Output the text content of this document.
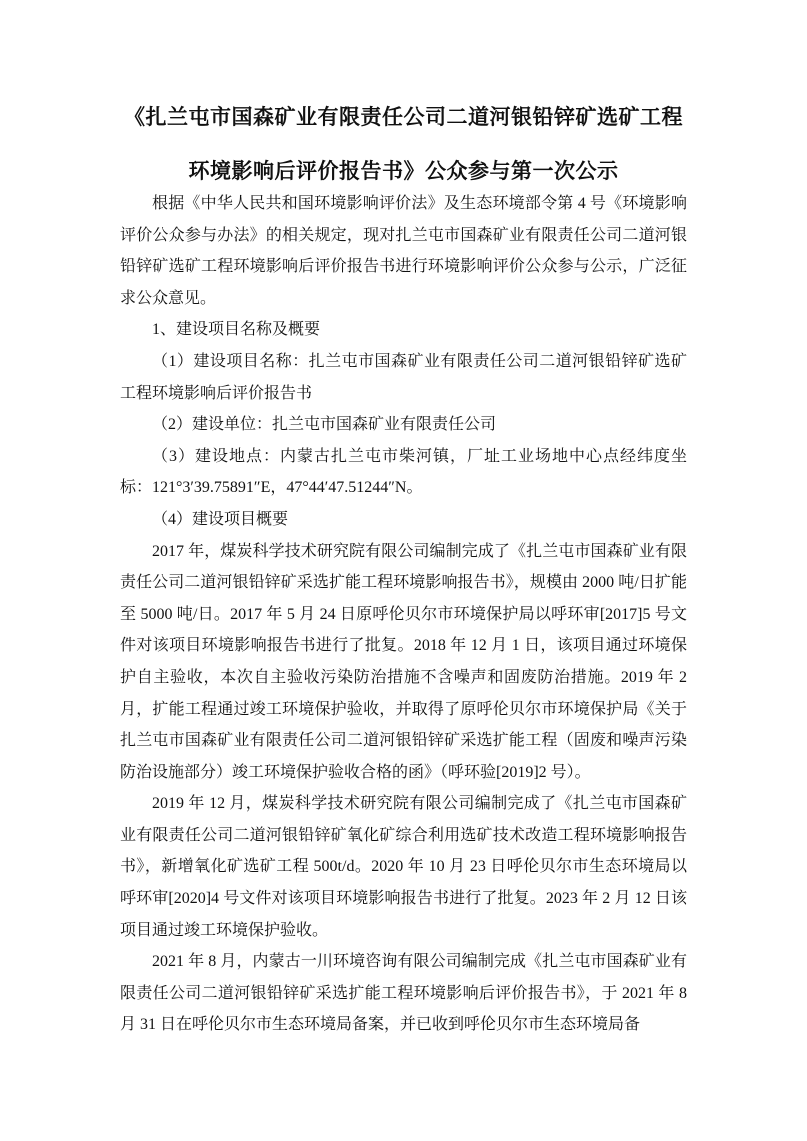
《扎兰屯市国森矿业有限责任公司二道河银铅锌矿选矿工程
环境影响后评价报告书》公众参与第一次公示

根据《中华人民共和国环境影响评价法》及生态环境部令第 4 号《环境影响评价公众参与办法》的相关规定，现对扎兰屯市国森矿业有限责任公司二道河银铅锌矿选矿工程环境影响后评价报告书进行环境影响评价公众参与公示，广泛征求公众意见。

1、建设项目名称及概要

（1）建设项目名称：扎兰屯市国森矿业有限责任公司二道河银铅锌矿选矿工程环境影响后评价报告书

（2）建设单位：扎兰屯市国森矿业有限责任公司

（3）建设地点：内蒙古扎兰屯市柴河镇，厂址工业场地中心点经纬度坐标：121°3′39.75891″E，47°44′47.51244″N。

（4）建设项目概要

2017 年，煤炭科学技术研究院有限公司编制完成了《扎兰屯市国森矿业有限责任公司二道河银铅锌矿采选扩能工程环境影响报告书》，规模由 2000 吨/日扩能至 5000 吨/日。2017 年 5 月 24 日原呼伦贝尔市环境保护局以呼环审[2017]5 号文件对该项目环境影响报告书进行了批复。2018 年 12 月 1 日，该项目通过环境保护自主验收，本次自主验收污染防治措施不含噪声和固废防治措施。2019 年 2 月，扩能工程通过竣工环境保护验收，并取得了原呼伦贝尔市环境保护局《关于扎兰屯市国森矿业有限责任公司二道河银铅锌矿采选扩能工程（固废和噪声污染防治设施部分）竣工环境保护验收合格的函》（呼环验[2019]2 号）。

2019 年 12 月，煤炭科学技术研究院有限公司编制完成了《扎兰屯市国森矿业有限责任公司二道河银铅锌矿氧化矿综合利用选矿技术改造工程环境影响报告书》，新增氧化矿选矿工程 500t/d。2020 年 10 月 23 日呼伦贝尔市生态环境局以呼环审[2020]4 号文件对该项目环境影响报告书进行了批复。2023 年 2 月 12 日该项目通过竣工环境保护验收。

2021 年 8 月，内蒙古一川环境咨询有限公司编制完成《扎兰屯市国森矿业有限责任公司二道河银铅锌矿采选扩能工程环境影响后评价报告书》，于 2021 年 8 月 31 日在呼伦贝尔市生态环境局备案，并已收到呼伦贝尔市生态环境局备
